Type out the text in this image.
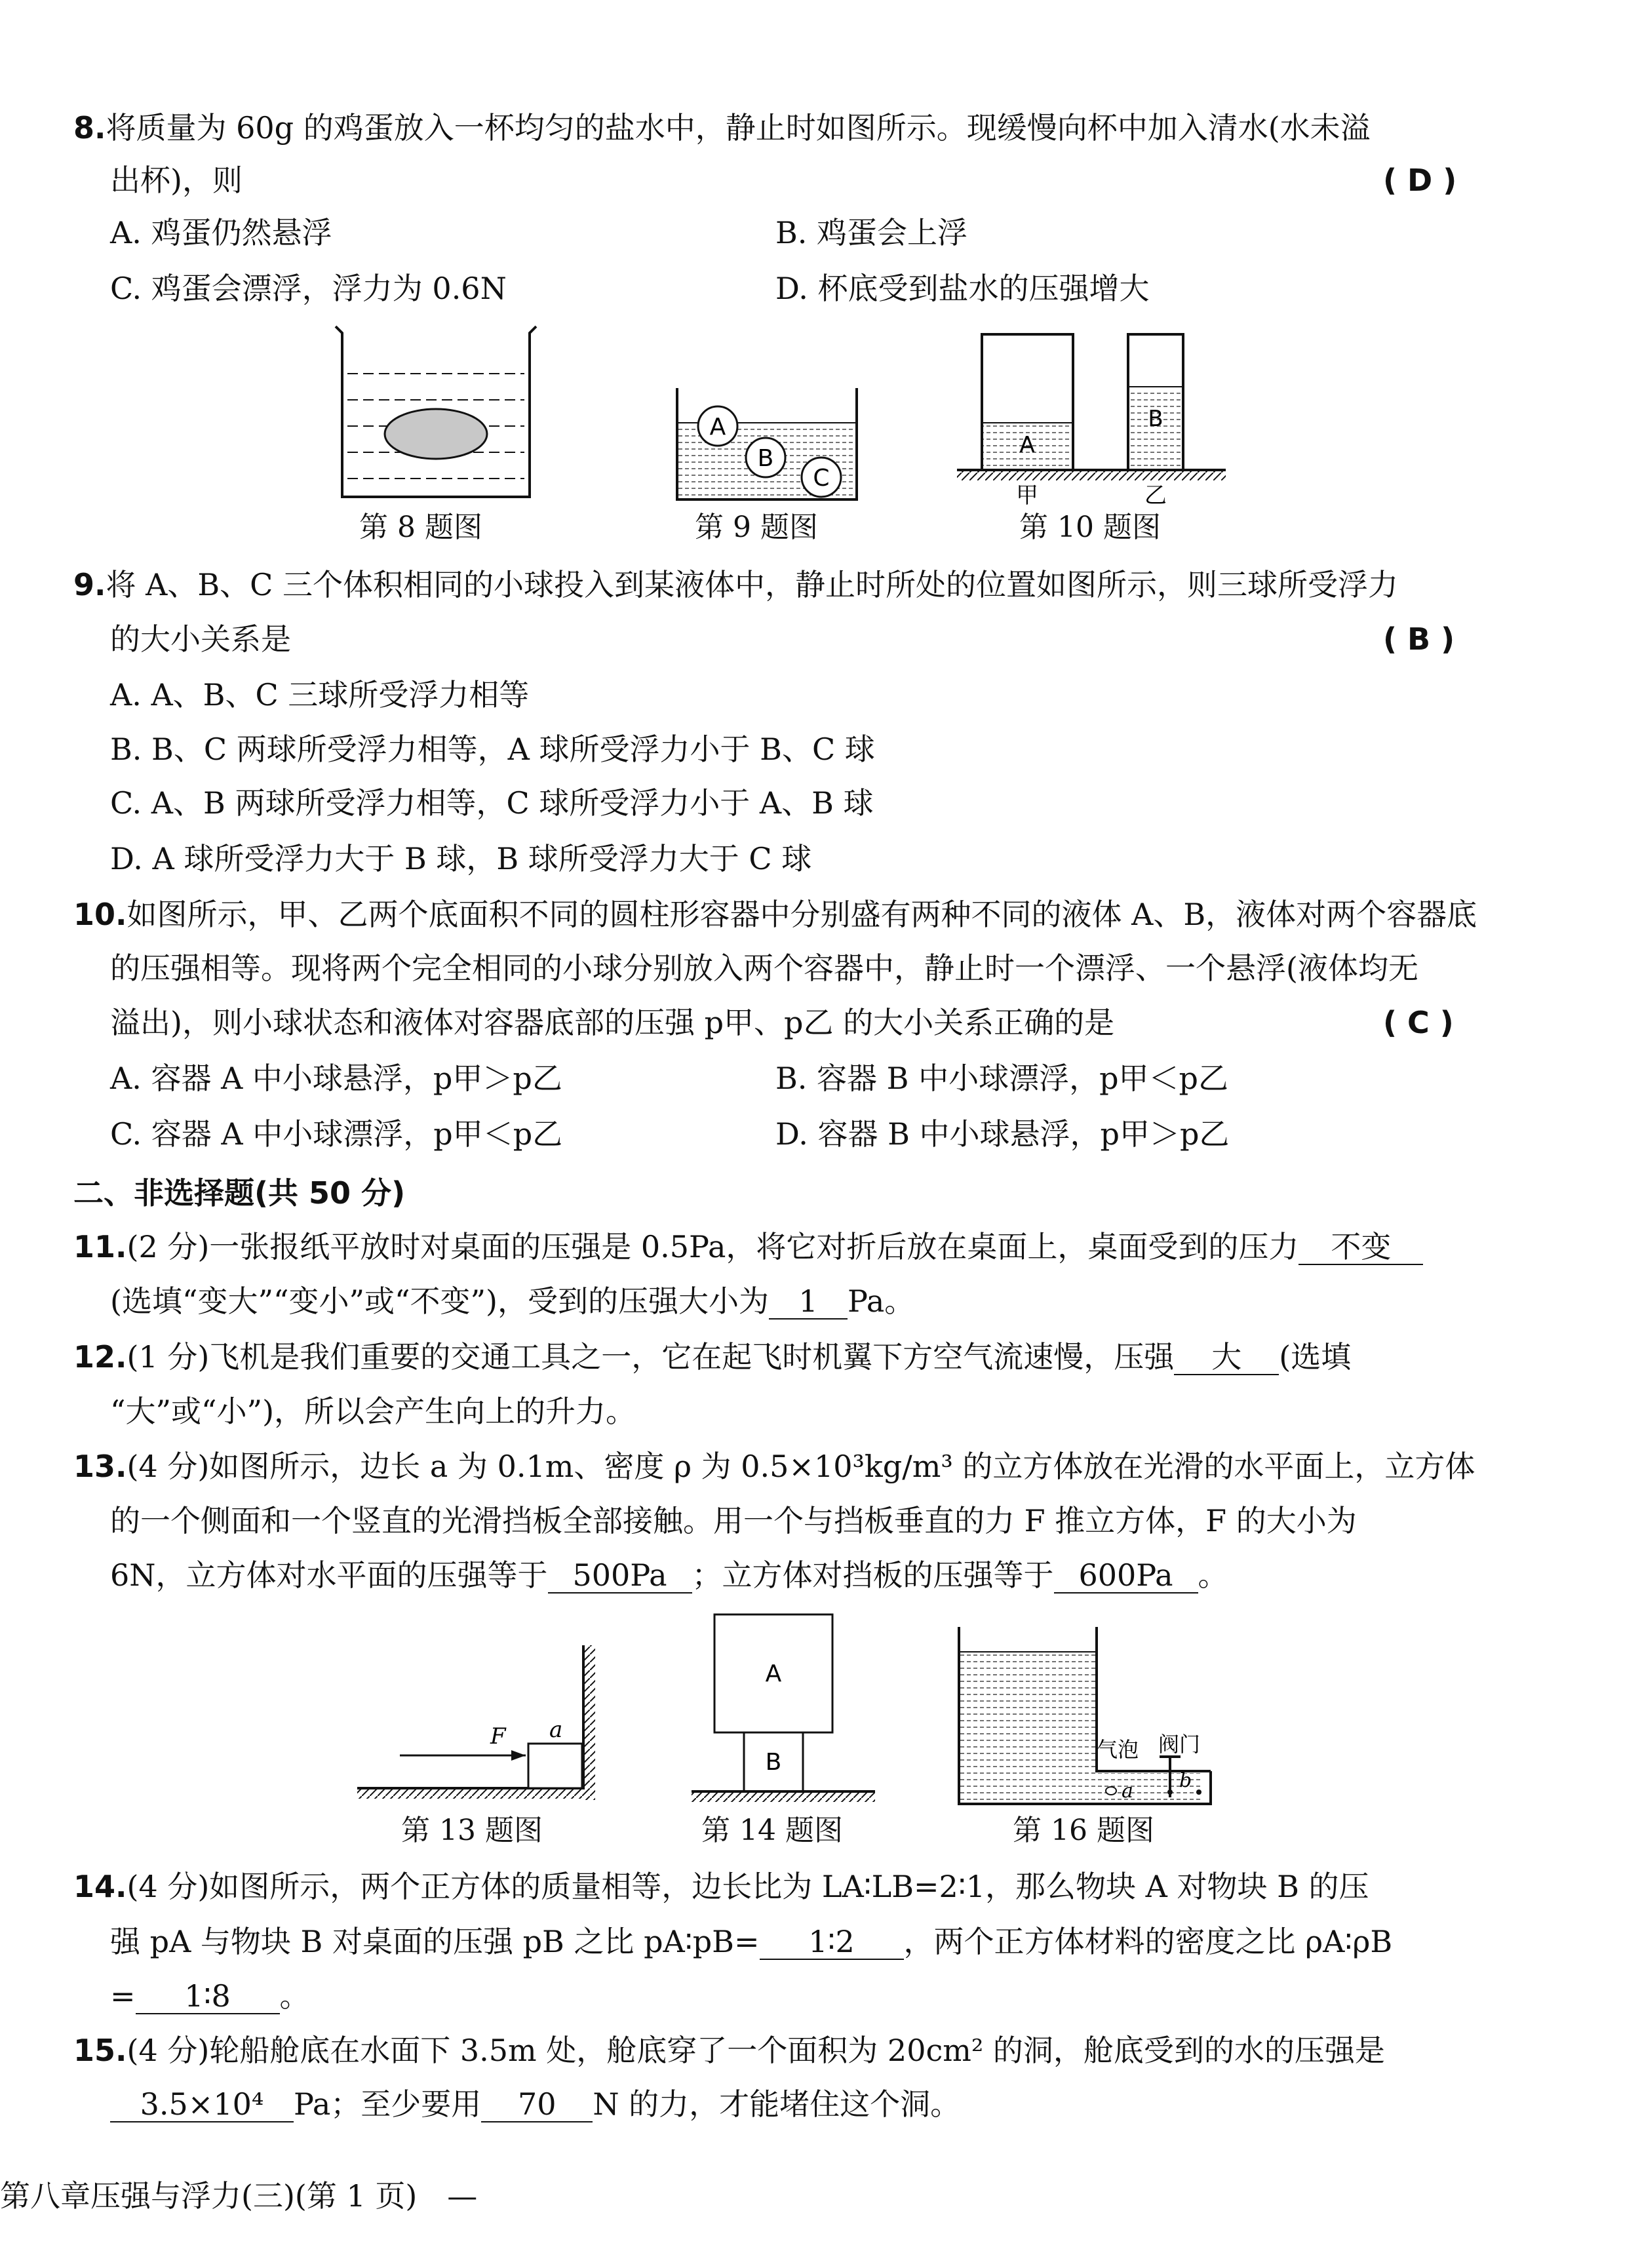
8.将质量为 60g 的鸡蛋放入一杯均匀的盐水中，静止时如图所示。现缓慢向杯中加入清水(水未溢
出杯)，则	( D )
A. 鸡蛋仍然悬浮	B. 鸡蛋会上浮
C. 鸡蛋会漂浮，浮力为 0.6N	D. 杯底受到盐水的压强增大
第 8 题图
A
B
C
第 9 题图
A
B
甲	乙
第 10 题图
9.将 A、B、C 三个体积相同的小球投入到某液体中，静止时所处的位置如图所示，则三球所受浮力
的大小关系是	( B )
A. A、B、C 三球所受浮力相等
B. B、C 两球所受浮力相等，A 球所受浮力小于 B、C 球
C. A、B 两球所受浮力相等，C 球所受浮力小于 A、B 球
D. A 球所受浮力大于 B 球，B 球所受浮力大于 C 球
10.如图所示，甲、乙两个底面积不同的圆柱形容器中分别盛有两种不同的液体 A、B，液体对两个容器底
的压强相等。现将两个完全相同的小球分别放入两个容器中，静止时一个漂浮、一个悬浮(液体均无
溢出)，则小球状态和液体对容器底部的压强 p甲、p乙 的大小关系正确的是	( C )
A. 容器 A 中小球悬浮，p甲＞p乙	B. 容器 B 中小球漂浮，p甲＜p乙
C. 容器 A 中小球漂浮，p甲＜p乙	D. 容器 B 中小球悬浮，p甲＞p乙
二、非选择题(共 50 分)
11.(2 分)一张报纸平放时对桌面的压强是 0.5Pa，将它对折后放在桌面上，桌面受到的压力 不变
(选填“变大”“变小”或“不变”)，受到的压强大小为 1 Pa。
12.(1 分)飞机是我们重要的交通工具之一，它在起飞时机翼下方空气流速慢，压强 大 (选填
“大”或“小”)，所以会产生向上的升力。
13.(4 分)如图所示，边长 a 为 0.1m、密度 ρ 为 0.5×10³kg/m³ 的立方体放在光滑的水平面上，立方体
的一个侧面和一个竖直的光滑挡板全部接触。用一个与挡板垂直的力 F 推立方体，F 的大小为
6N，立方体对水平面的压强等于 500Pa ；立方体对挡板的压强等于 600Pa 。
F a
第 13 题图
A
B
第 14 题图
气泡 阀门
a b
第 16 题图
14.(4 分)如图所示，两个正方体的质量相等，边长比为 LA∶LB=2∶1，那么物块 A 对物块 B 的压
强 pA 与物块 B 对桌面的压强 pB 之比 pA∶pB= 1∶2 ，两个正方体材料的密度之比 ρA∶ρB
= 1∶8 。
15.(4 分)轮船舱底在水面下 3.5m 处，舱底穿了一个面积为 20cm² 的洞，舱底受到的水的压强是
3.5×10⁴ Pa；至少要用 70 N 的力，才能堵住这个洞。
第八章压强与浮力(三)(第 1 页)　—
